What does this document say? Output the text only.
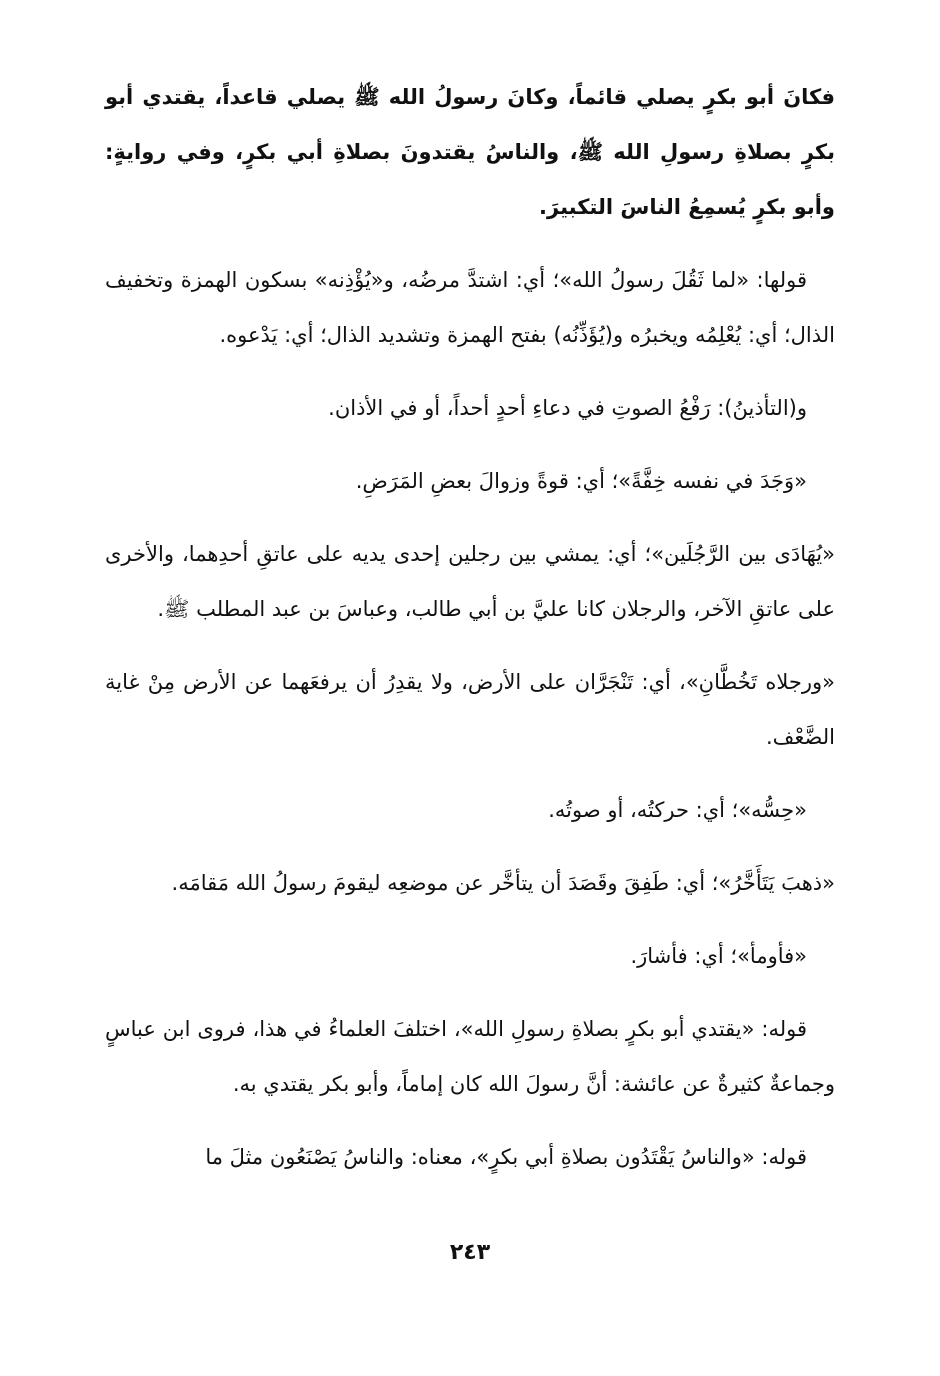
فكانَ أبو بكرٍ يصلي قائماً، وكانَ رسولُ الله ﷺ يصلي قاعداً، يقتدي أبو بكرٍ بصلاةِ رسولِ الله ﷺ، والناسُ يقتدونَ بصلاةِ أبي بكرٍ، وفي روايةٍ: وأبو بكرٍ يُسمِعُ الناسَ التكبيرَ.

قولها: «لما ثَقُلَ رسولُ الله»؛ أي: اشتدَّ مرضُه، و«يُؤْذِنه» بسكون الهمزة وتخفيف الذال؛ أي: يُعْلِمُه ويخبرُه و(يُؤَذِّنُه) بفتح الهمزة وتشديد الذال؛ أي: يَدْعوه.

و(التأذينُ): رَفْعُ الصوتِ في دعاءِ أحدٍ أحداً، أو في الأذان.

«وَجَدَ في نفسه خِفَّةً»؛ أي: قوةً وزوالَ بعضِ المَرَضِ.

«يُهَادَى بين الرَّجُلَين»؛ أي: يمشي بين رجلين إحدى يديه على عاتقِ أحدِهما، والأخرى على عاتقِ الآخر، والرجلان كانا عليَّ بن أبي طالب، وعباسَ بن عبد المطلب ﷺ.

«ورجلاه تَخُطَّانِ»، أي: تَنْجَرَّان على الأرض، ولا يقدِرُ أن يرفعَهما عن الأرض مِنْ غاية الضَّعْف.

«حِسُّه»؛ أي: حركتُه، أو صوتُه.

«ذهبَ يَتَأَخَّرُ»؛ أي: طَفِقَ وقَصَدَ أن يتأخَّر عن موضعِه ليقومَ رسولُ الله مَقامَه.

«فأومأ»؛ أي: فأشارَ.

قوله: «يقتدي أبو بكرٍ بصلاةِ رسولِ الله»، اختلفَ العلماءُ في هذا، فروى ابن عباسٍ وجماعةٌ كثيرةٌ عن عائشة: أنَّ رسولَ الله كان إماماً، وأبو بكر يقتدي به.

قوله: «والناسُ يَقْتَدُون بصلاةِ أبي بكرٍ»، معناه: والناسُ يَصْنَعُون مثلَ ما

٢٤٣
